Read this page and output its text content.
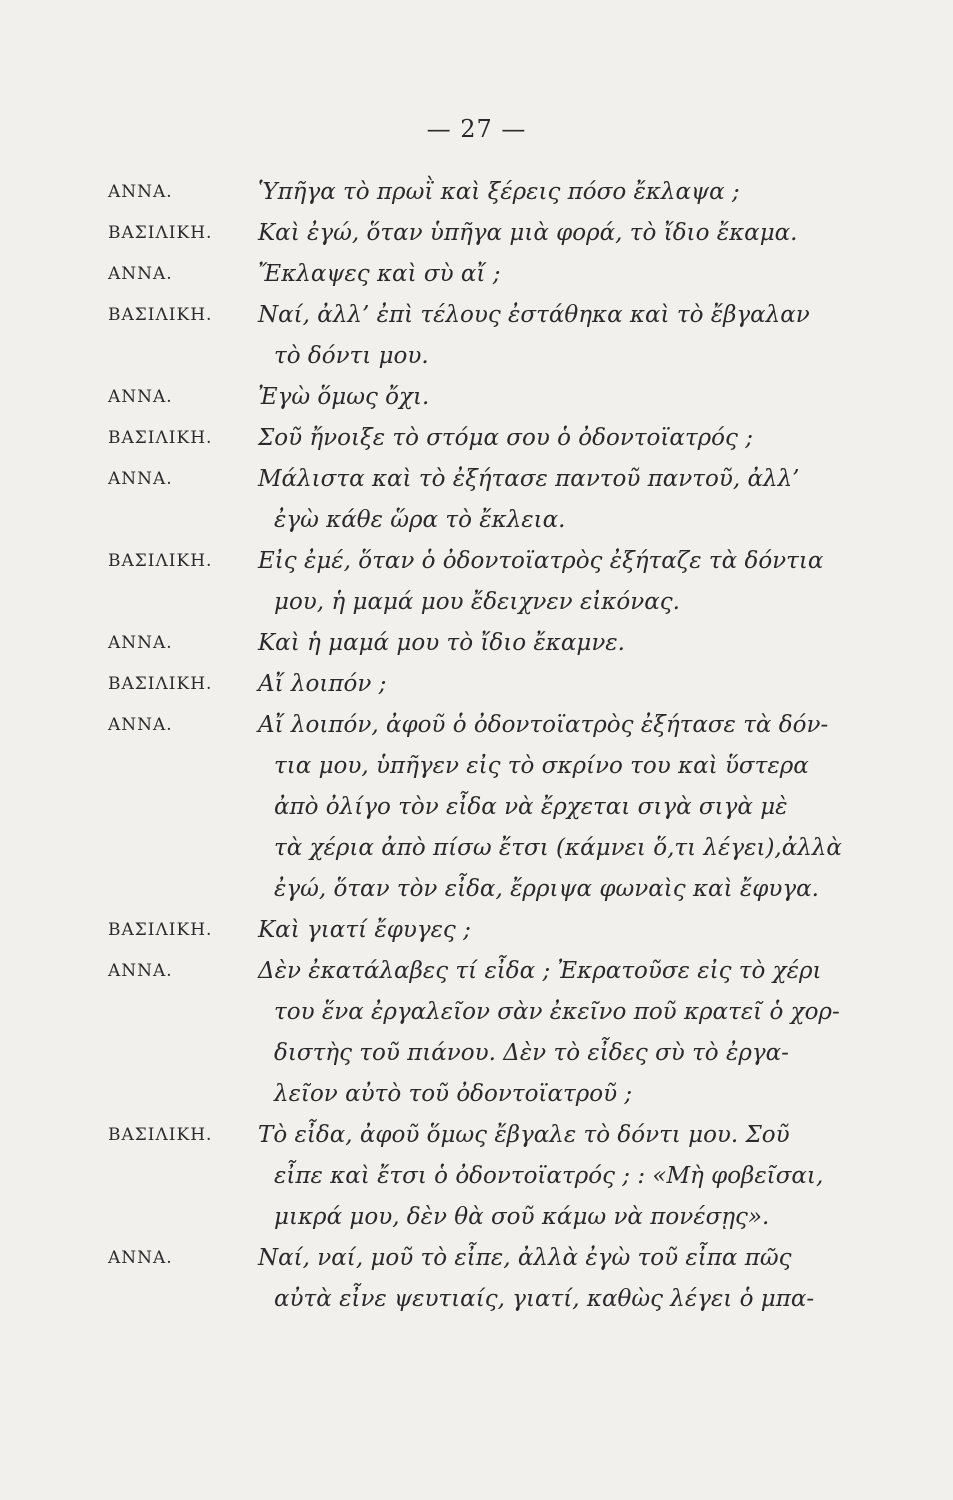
— 27 —
ΑΝΝΑ.	Ὑπῆγα τὸ πρωῒ καὶ ξέρεις πόσο ἔκλαψα ;
ΒΑΣΙΛΙΚΗ.	Καὶ ἐγώ, ὅταν ὑπῆγα μιὰ φορά, τὸ ἴδιο ἔκαμα.
ΑΝΝΑ.	Ἔκλαψες καὶ σὺ αἴ ;
ΒΑΣΙΛΙΚΗ.	Ναί, ἀλλ’ ἐπὶ τέλους ἐστάθηκα καὶ τὸ ἔβγαλαν
τὸ δόντι μου.
ΑΝΝΑ.	Ἐγὼ ὅμως ὄχι.
ΒΑΣΙΛΙΚΗ.	Σοῦ ἤνοιξε τὸ στόμα σου ὁ ὀδοντοϊατρός ;
ΑΝΝΑ.	Μάλιστα καὶ τὸ ἐξήτασε παντοῦ παντοῦ, ἀλλ’
ἐγὼ κάθε ὥρα τὸ ἔκλεια.
ΒΑΣΙΛΙΚΗ.	Εἰς ἐμέ, ὅταν ὁ ὀδοντοϊατρὸς ἐξήταζε τὰ δόντια
μου, ἡ μαμά μου ἔδειχνεν εἰκόνας.
ΑΝΝΑ.	Καὶ ἡ μαμά μου τὸ ἴδιο ἔκαμνε.
ΒΑΣΙΛΙΚΗ.	Αἴ λοιπόν ;
ΑΝΝΑ.	Αἴ λοιπόν, ἀφοῦ ὁ ὀδοντοϊατρὸς ἐξήτασε τὰ δόν-
τια μου, ὑπῆγεν εἰς τὸ σκρίνο του καὶ ὕστερα
ἀπὸ ὀλίγο τὸν εἶδα νὰ ἔρχεται σιγὰ σιγὰ μὲ
τὰ χέρια ἀπὸ πίσω ἔτσι (κάμνει ὅ,τι λέγει),ἀλλὰ
ἐγώ, ὅταν τὸν εἶδα, ἔρριψα φωναὶς καὶ ἔφυγα.
ΒΑΣΙΛΙΚΗ.	Καὶ γιατί ἔφυγες ;
ΑΝΝΑ.	Δὲν ἐκατάλαβες τί εἶδα ; Ἐκρατοῦσε εἰς τὸ χέρι
του ἕνα ἐργαλεῖον σὰν ἐκεῖνο ποῦ κρατεῖ ὁ χορ-
διστὴς τοῦ πιάνου. Δὲν τὸ εἶδες σὺ τὸ ἐργα-
λεῖον αὐτὸ τοῦ ὀδοντοϊατροῦ ;
ΒΑΣΙΛΙΚΗ.	Τὸ εἶδα, ἀφοῦ ὅμως ἔβγαλε τὸ δόντι μου. Σοῦ
εἶπε καὶ ἔτσι ὁ ὀδοντοϊατρός ; : «Μὴ φοβεῖσαι,
μικρά μου, δὲν θὰ σοῦ κάμω νὰ πονέσῃς».
ΑΝΝΑ.	Ναί, ναί, μοῦ τὸ εἶπε, ἀλλὰ ἐγὼ τοῦ εἶπα πῶς
αὐτὰ εἶνε ψευτιαίς, γιατί, καθὼς λέγει ὁ μπα-
